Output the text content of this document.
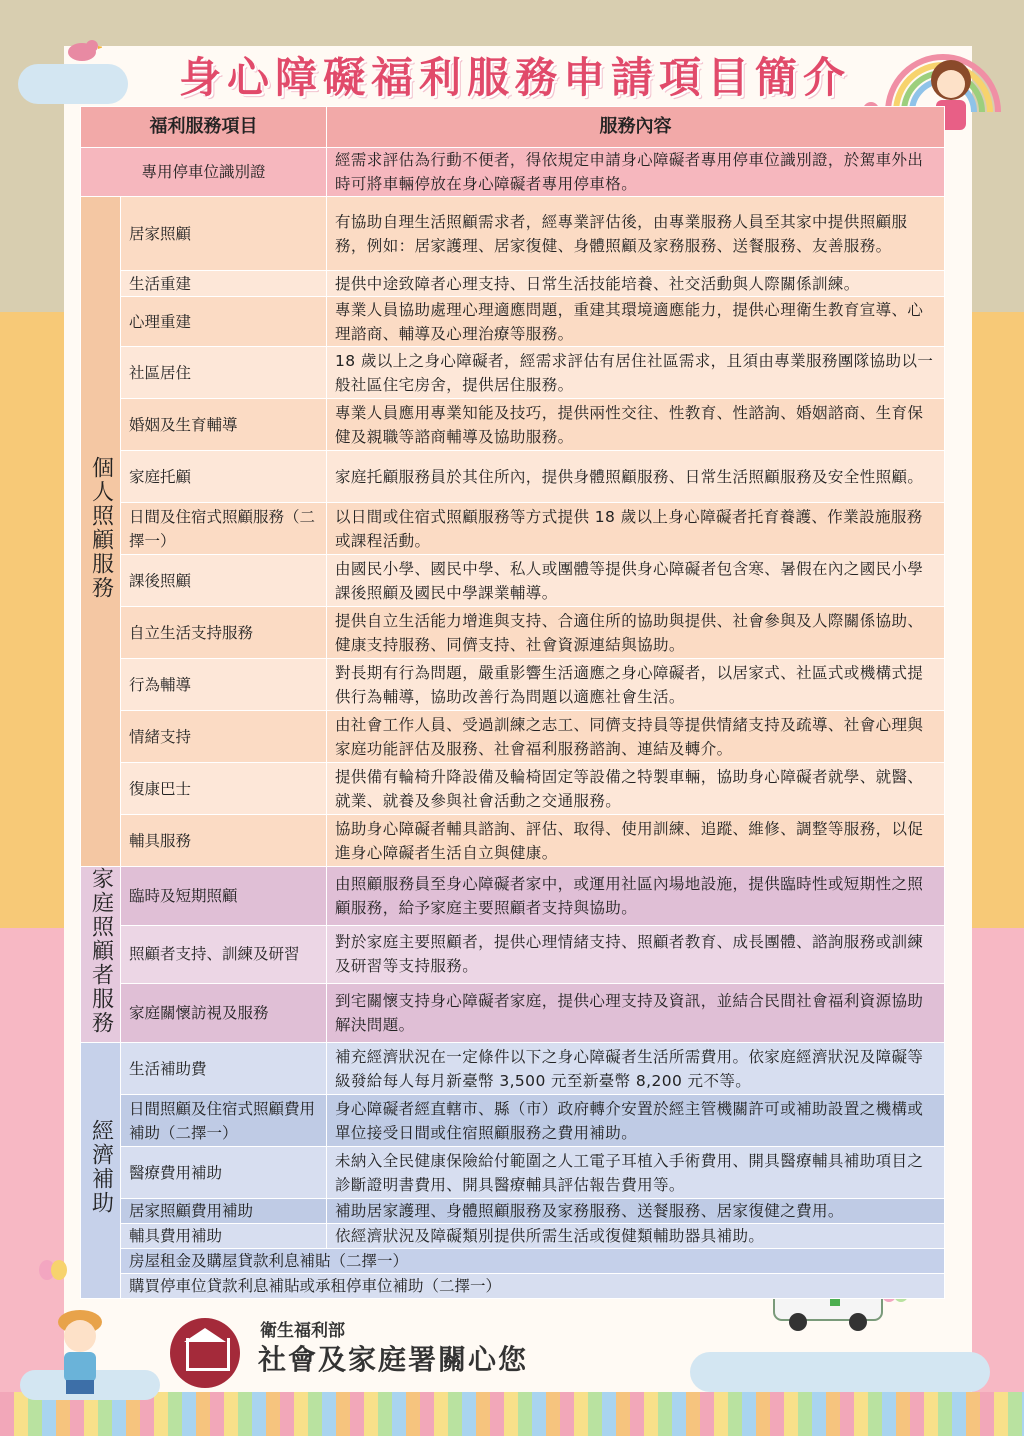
身心障礙福利服務申請項目簡介
福利服務項目		服務內容
專用停車位識別證		經需求評估為行動不便者，得依規定申請身心障礙者專用停車位識別證，於駕車外出時可將車輛停放在身心障礙者專用停車格。
個人照顧服務	居家照顧	有協助自理生活照顧需求者，經專業評估後，由專業服務人員至其家中提供照顧服務，例如：居家護理、居家復健、身體照顧及家務服務、送餐服務、友善服務。
	生活重建	提供中途致障者心理支持、日常生活技能培養、社交活動與人際關係訓練。
	心理重建	專業人員協助處理心理適應問題，重建其環境適應能力，提供心理衛生教育宣導、心理諮商、輔導及心理治療等服務。
	社區居住	18 歲以上之身心障礙者，經需求評估有居住社區需求，且須由專業服務團隊協助以一般社區住宅房舍，提供居住服務。
	婚姻及生育輔導	專業人員應用專業知能及技巧，提供兩性交往、性教育、性諮詢、婚姻諮商、生育保健及親職等諮商輔導及協助服務。
	家庭托顧	家庭托顧服務員於其住所內，提供身體照顧服務、日常生活照顧服務及安全性照顧。
	日間及住宿式照顧服務（二擇一）	以日間或住宿式照顧服務等方式提供 18 歲以上身心障礙者托育養護、作業設施服務或課程活動。
	課後照顧	由國民小學、國民中學、私人或團體等提供身心障礙者包含寒、暑假在內之國民小學課後照顧及國民中學課業輔導。
	自立生活支持服務	提供自立生活能力增進與支持、合適住所的協助與提供、社會參與及人際關係協助、健康支持服務、同儕支持、社會資源連結與協助。
	行為輔導	對長期有行為問題，嚴重影響生活適應之身心障礙者，以居家式、社區式或機構式提供行為輔導，協助改善行為問題以適應社會生活。
	情緒支持	由社會工作人員、受過訓練之志工、同儕支持員等提供情緒支持及疏導、社會心理與家庭功能評估及服務、社會福利服務諮詢、連結及轉介。
	復康巴士	提供備有輪椅升降設備及輪椅固定等設備之特製車輛，協助身心障礙者就學、就醫、就業、就養及參與社會活動之交通服務。
	輔具服務	協助身心障礙者輔具諮詢、評估、取得、使用訓練、追蹤、維修、調整等服務，以促進身心障礙者生活自立與健康。
家庭照顧者服務	臨時及短期照顧	由照顧服務員至身心障礙者家中，或運用社區內場地設施，提供臨時性或短期性之照顧服務，給予家庭主要照顧者支持與協助。
	照顧者支持、訓練及研習	對於家庭主要照顧者，提供心理情緒支持、照顧者教育、成長團體、諮詢服務或訓練及研習等支持服務。
	家庭關懷訪視及服務	到宅關懷支持身心障礙者家庭，提供心理支持及資訊，並結合民間社會福利資源協助解決問題。
經濟補助	生活補助費	補充經濟狀況在一定條件以下之身心障礙者生活所需費用。依家庭經濟狀況及障礙等級發給每人每月新臺幣 3,500 元至新臺幣 8,200 元不等。
	日間照顧及住宿式照顧費用補助（二擇一）	身心障礙者經直轄市、縣（市）政府轉介安置於經主管機關許可或補助設置之機構或單位接受日間或住宿照顧服務之費用補助。
	醫療費用補助	未納入全民健康保險給付範圍之人工電子耳植入手術費用、開具醫療輔具補助項目之診斷證明書費用、開具醫療輔具評估報告費用等。
	居家照顧費用補助	補助居家護理、身體照顧服務及家務服務、送餐服務、居家復健之費用。
	輔具費用補助	依經濟狀況及障礙類別提供所需生活或復健類輔助器具補助。
	房屋租金及購屋貸款利息補貼（二擇一）	
	購買停車位貸款利息補貼或承租停車位補助（二擇一）	
衛生福利部
社會及家庭署關心您
